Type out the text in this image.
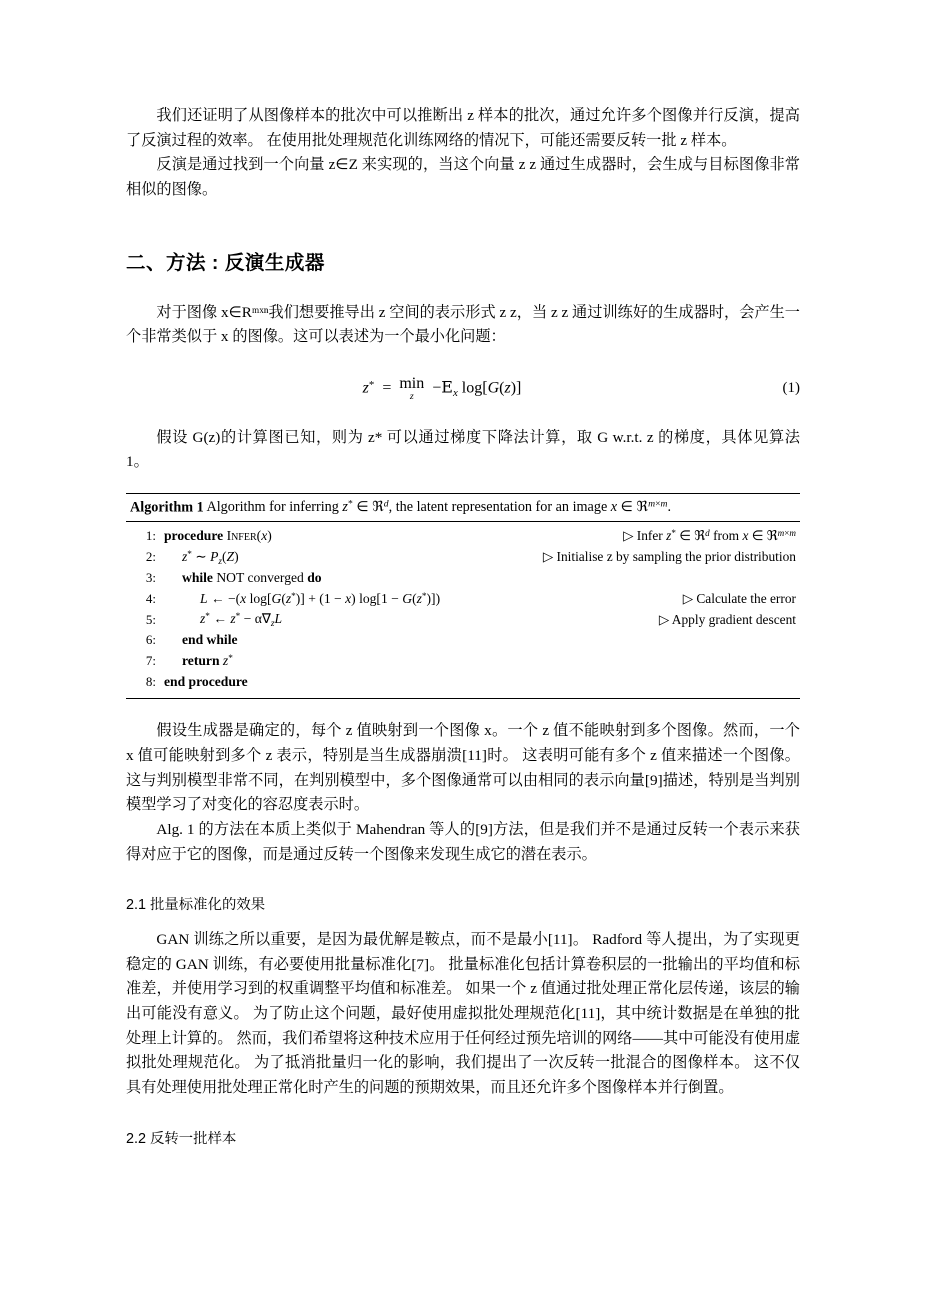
我们还证明了从图像样本的批次中可以推断出 z 样本的批次，通过允许多个图像并行反演，提高了反演过程的效率。 在使用批处理规范化训练网络的情况下，可能还需要反转一批 z 样本。

反演是通过找到一个向量 z∈Z 来实现的，当这个向量 z z 通过生成器时，会生成与目标图像非常相似的图像。

二、方法 : 反演生成器

对于图像 x∈Rᵐˣⁿ我们想要推导出 z 空间的表示形式 z z，当 z z 通过训练好的生成器时，会产生一个非常类似于 x 的图像。这可以表述为一个最小化问题：

z*  = min
$z -E_x$ log[G(z)]	(1)

假设 G(z)的计算图已知，则为 z* 可以通过梯度下降法计算，取 G w.r.t. z 的梯度，具体见算法 1。

Algorithm 1 Algorithm for inferring z* ∈ ℜ$^d$, the latent representation for an image x ∈ ℜ$^{m\times m}$.
1: procedure Infer(x)	▷ Infer z* ∈ ℜ$^d$ from x ∈ ℜ$^{m\times m}$
2:	z* ∼ $P_z(Z)$	▷ Initialise z by sampling the prior distribution
3:	while NOT converged do
4:	L ← −(x log[G(z*)] + (1 − x) log[1 − G(z*)])	▷ Calculate the error
5:	z* ← $z^* - \alpha\nabla_zL$	▷ Apply gradient descent
6:	end while
7:	return z*
8: end procedure

假设生成器是确定的，每个 z 值映射到一个图像 x。一个 z 值不能映射到多个图像。然而，一个 x 值可能映射到多个 z 表示，特别是当生成器崩溃[11]时。 这表明可能有多个 z 值来描述一个图像。 这与判别模型非常不同，在判别模型中，多个图像通常可以由相同的表示向量[9]描述，特别是当判别模型学习了对变化的容忍度表示时。

Alg. 1 的方法在本质上类似于 Mahendran 等人的[9]方法，但是我们并不是通过反转一个表示来获得对应于它的图像，而是通过反转一个图像来发现生成它的潜在表示。

2.1 批量标准化的效果

GAN 训练之所以重要，是因为最优解是鞍点，而不是最小[11]。 Radford 等人提出，为了实现更稳定的 GAN 训练，有必要使用批量标准化[7]。 批量标准化包括计算卷积层的一批输出的平均值和标准差，并使用学习到的权重调整平均值和标准差。 如果一个 z 值通过批处理正常化层传递，该层的输出可能没有意义。 为了防止这个问题，最好使用虚拟批处理规范化[11]，其中统计数据是在单独的批处理上计算的。 然而，我们希望将这种技术应用于任何经过预先培训的网络——其中可能没有使用虚拟批处理规范化。 为了抵消批量归一化的影响，我们提出了一次反转一批混合的图像样本。 这不仅具有处理使用批处理正常化时产生的问题的预期效果，而且还允许多个图像样本并行倒置。

2.2 反转一批样本
